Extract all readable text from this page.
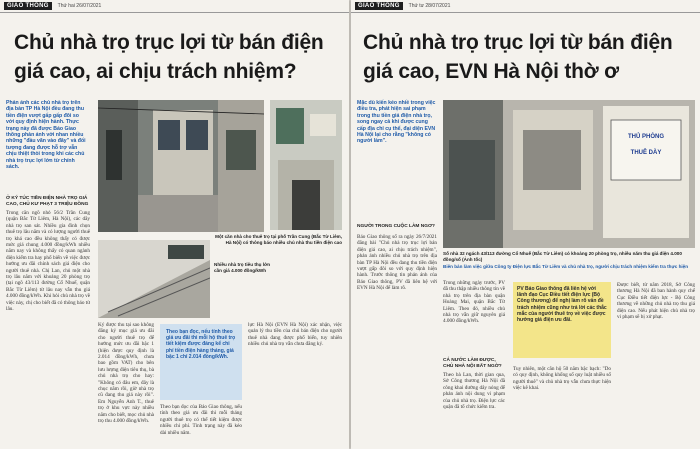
GIAO THÔNG	Thứ hai 26/07/2021
Chủ nhà trọ trục lợi từ bán điện giá cao, ai chịu trách nhiệm?

Phản ánh các chủ nhà trọ trên địa bàn TP Hà Nội đều đang thu tiền điện vượt gấp gấp đôi so với quy định hiện hành. Thực trạng này đã được Báo Giao thông phản ánh với nhan nhiều những "đầu văn vào đây" và đối tượng đang được hỗ trợ vẫn chịu thiệt thòi trong khi các chủ nhà trọ trục lợi lớn từ chính sách.

Một căn nhà cho thuê trọ tại phố Trần Cung (Bắc Từ Liêm, Hà Nội) có thông báo nhiều chủ nhà thu tiền điện cao
Ở KÝ TÚC TIỀN ĐIỆN NHÀ TRỌ GIÁ CAO, CHỦ KƯ PHẠT 3 TRIỆU ĐỒNG

Trong căn ngõ nhỏ 56/2 Trần Cung (quận Bắc Từ Liêm, Hà Nội), các dãy nhà trọ san sát. Nhiều gia đình chọn thuê trọ lâu năm và có lượng người thuê trọ khá cao đều không thấy có được mức giá chung 4.000 đồng/kWh nhiều năm nay và không thấy có quan ngành điện kiểm tra hay phổ biến về việc được hưởng ưu đãi chính sách giá điện cho người thuê nhà. Chị Lan, chủ một nhà trọ lâu năm với khoảng 20 phòng trọ (tại ngõ 43/113 đường Cổ Nhuế, quận Bắc Từ Liêm) từ lâu nay vẫn thu giá 4.000 đồng/kWh. Khi hỏi chủ nhà trọ về việc này, chị cho biết đã có thông báo từ lâu.

Nhiều nhà trọ tiêu thụ lớn cần giá 4.000 đồng/kWh

Ký được thu tại sao không đăng ký mục giá ưu đãi cho người thuê trọ để hưởng mức ưu đãi bậc 1 (hiện được quy định là 2.014 đồng/kWh, chưa bao gồm VAT) cho bên lưu lượng điện tiêu thụ, bà chủ nhà trọ cho hay: "Không có đâu em, đây là chục năm rồi, giờ nhà trọ cũ đang thu giá này rồi". Em Nguyễn Anh T., thuê trọ ở khu vực này nhiều năm cho biết, mọc chủ nhà trọ thu 4.000 đồng/kWh.

Theo bạn đọc, nếu tính theo giá ưu đãi thì mỗi hộ thuê trọ tiết kiệm được đáng kể chi phí tiền điện hàng tháng, giá bậc 1 chỉ 2.014 đồng/kWh.

Theo bạn đọc của Báo Giao thông, nếu tính theo giá ưu đãi thì mỗi tháng người thuê trọ có thể tiết kiệm được nhiều chi phí. Tình trạng này đã kéo dài nhiều năm.

lực Hà Nội (EVN Hà Nội) xác nhận, việc quản lý thu tiền của chủ bán điện cho người thuê nhà đang được phổ biến, tuy nhiên nhiều chủ nhà trọ vẫn chưa đăng ký.

GIAO THÔNG	Thứ tư 28/07/2021
Chủ nhà trọ trục lợi từ bán điện giá cao, EVN Hà Nội thờ ơ

Mặc dù kiến kéo nhiề trong việc điều tra, phát hiện sai phạm trong thu tiền giá điện nhà trọ, song ngay cả khi được cung cấp địa chỉ cụ thể, đại diện EVN Hà Nội lại cho rằng "không có người làm".

THỦ PHÒNG
THUÊ DÀY
Số nhà 32 ngách 43/113 đường Cổ Nhuế (Bắc Từ Liêm) có khoảng 20 phòng trọ, nhiều năm thu giá điện 4.000 đồng/số (Ảnh tốc)
Biên bản làm việc giữa Công ty Điện lực Bắc Từ Liêm và chủ nhà trọ, người chịu trách nhiệm kiểm tra thực hiện
NGƯỜI TRONG CUỘC LÀM NGƠ?

Báo Giao thông số ra ngày 26/7/2021 đăng bài "Chủ nhà trọ trục lợi bán điện giá cao, ai chịu trách nhiệm", phản ánh nhiều chủ nhà trọ trên địa bàn TP Hà Nội đều đang thu tiền điện vượt gấp đôi so với quy định hiện hành. Trước thông tin phản ánh của Báo Giao thông, PV đã liên hệ với EVN Hà Nội để làm rõ.

Trong những ngày trước, PV đã thu thập nhiều thông tin về nhà trọ trên địa bàn quận Hoàng Mai, quận Bắc Từ Liêm. Theo đó, nhiều chủ nhà trọ vẫn giữ nguyên giá 4.000 đồng/kWh.

CÁ NƯỚC LÀM ĐƯỢC, CHỦ NHÀ NỘI BẤT NGỜ?

Theo bà Lan, thời gian qua, Sở Công thương Hà Nội đã công khai đường dây nóng để phản ánh nội dung vi phạm của chủ nhà trọ. Điện lực các quận đã tổ chức kiểm tra.

PV Báo Giao thông đã liên hệ với lãnh đạo Cục Điều tiết điện lực (Bộ Công thương) để nghị làm rõ vấn đề trách nhiệm cũng như trả lời các thắc mắc của người thuê trọ về việc được hưởng giá điện ưu đãi.

Tuy nhiên, một căn hộ 50 năm bậc bạch: "Do có quy định, không khống số quy luật nhiều số người thuê" và chủ nhà trọ vẫn chưa thực hiện việc kê khai.

Được biết, từ năm 2018, Sở Công thương Hà Nội đã ban hành quy chế Cục Điều tiết điện lực - Bộ Công thương về những chủ nhà trọ thu giá điện cao. Nếu phát hiện chủ nhà trọ vi phạm sẽ bị xử phạt.
